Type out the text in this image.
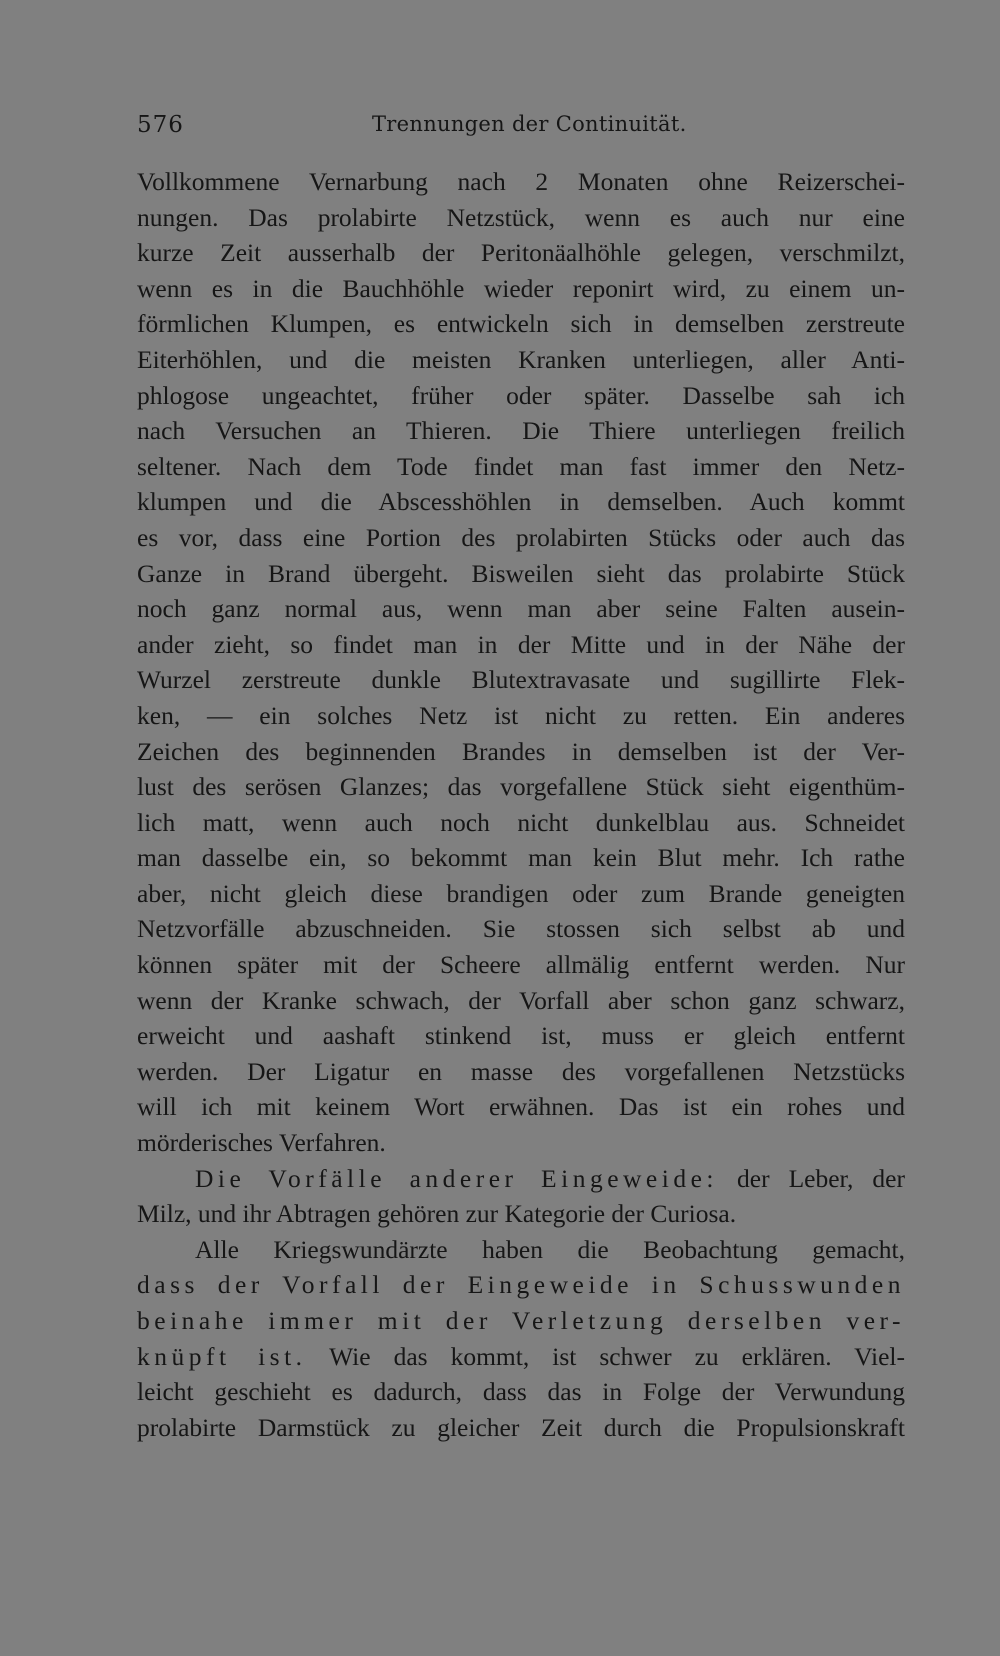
576	Trennungen der Continuität.
Vollkommene Vernarbung nach 2 Monaten ohne Reizerschei-
nungen. Das prolabirte Netzstück, wenn es auch nur eine
kurze Zeit ausserhalb der Peritonäalhöhle gelegen, verschmilzt,
wenn es in die Bauchhöhle wieder reponirt wird, zu einem un-
förmlichen Klumpen, es entwickeln sich in demselben zerstreute
Eiterhöhlen, und die meisten Kranken unterliegen, aller Anti-
phlogose ungeachtet, früher oder später. Dasselbe sah ich
nach Versuchen an Thieren. Die Thiere unterliegen freilich
seltener. Nach dem Tode findet man fast immer den Netz-
klumpen und die Abscesshöhlen in demselben. Auch kommt
es vor, dass eine Portion des prolabirten Stücks oder auch das
Ganze in Brand übergeht. Bisweilen sieht das prolabirte Stück
noch ganz normal aus, wenn man aber seine Falten ausein-
ander zieht, so findet man in der Mitte und in der Nähe der
Wurzel zerstreute dunkle Blutextravasate und sugillirte Flek-
ken, — ein solches Netz ist nicht zu retten. Ein anderes
Zeichen des beginnenden Brandes in demselben ist der Ver-
lust des serösen Glanzes; das vorgefallene Stück sieht eigenthüm-
lich matt, wenn auch noch nicht dunkelblau aus. Schneidet
man dasselbe ein, so bekommt man kein Blut mehr. Ich rathe
aber, nicht gleich diese brandigen oder zum Brande geneigten
Netzvorfälle abzuschneiden. Sie stossen sich selbst ab und
können später mit der Scheere allmälig entfernt werden. Nur
wenn der Kranke schwach, der Vorfall aber schon ganz schwarz,
erweicht und aashaft stinkend ist, muss er gleich entfernt
werden. Der Ligatur en masse des vorgefallenen Netzstücks
will ich mit keinem Wort erwähnen. Das ist ein rohes und
mörderisches Verfahren.
Die Vorfälle anderer Eingeweide: der Leber, der
Milz, und ihr Abtragen gehören zur Kategorie der Curiosa.
Alle Kriegswundärzte haben die Beobachtung gemacht,
dass der Vorfall der Eingeweide in Schusswunden
beinahe immer mit der Verletzung derselben ver-
knüpft ist. Wie das kommt, ist schwer zu erklären. Viel-
leicht geschieht es dadurch, dass das in Folge der Verwundung
prolabirte Darmstück zu gleicher Zeit durch die Propulsionskraft
